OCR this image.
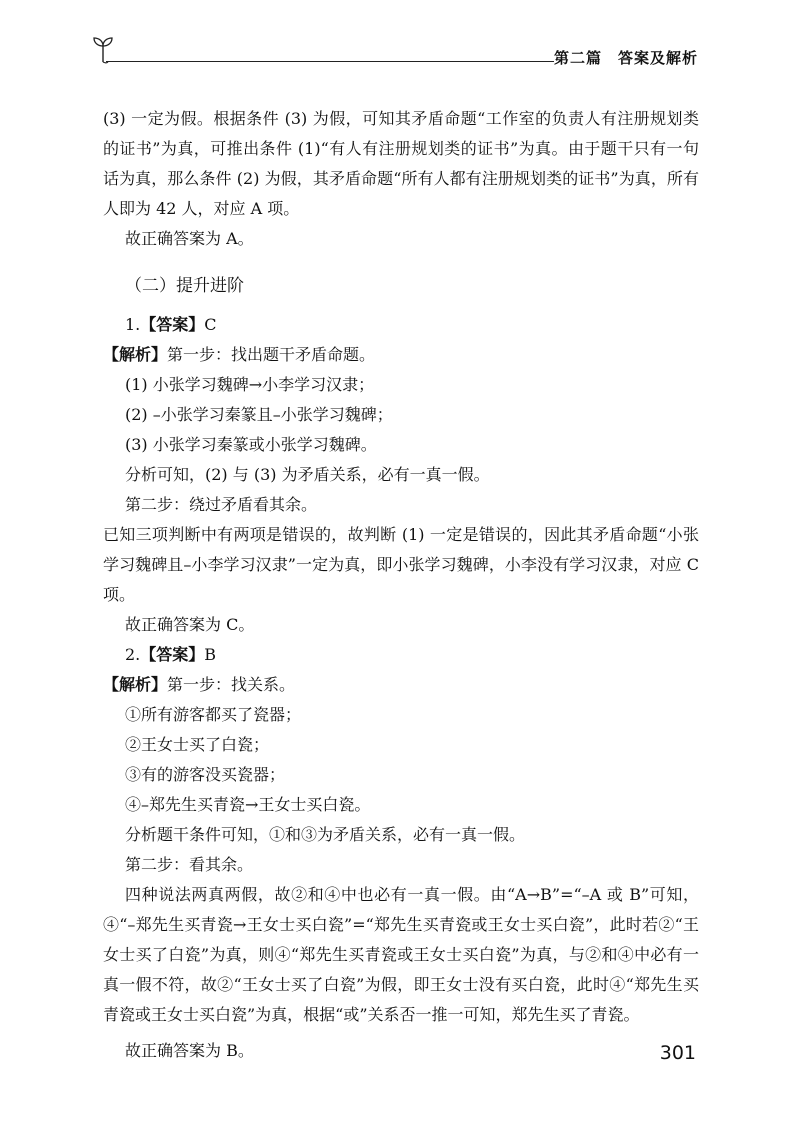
第二篇　答案及解析

(3) 一定为假。根据条件 (3) 为假，可知其矛盾命题“工作室的负责人有注册规划类的证书”为真，可推出条件 (1)“有人有注册规划类的证书”为真。由于题干只有一句话为真，那么条件 (2) 为假，其矛盾命题“所有人都有注册规划类的证书”为真，所有人即为 42 人，对应 A 项。

故正确答案为 A。

（二）提升进阶

1.【答案】C

【解析】第一步：找出题干矛盾命题。

(1) 小张学习魏碑→小李学习汉隶；

(2) –小张学习秦篆且–小张学习魏碑；

(3) 小张学习秦篆或小张学习魏碑。

分析可知，(2) 与 (3) 为矛盾关系，必有一真一假。

第二步：绕过矛盾看其余。

已知三项判断中有两项是错误的，故判断 (1) 一定是错误的，因此其矛盾命题“小张学习魏碑且–小李学习汉隶”一定为真，即小张学习魏碑，小李没有学习汉隶，对应 C 项。

故正确答案为 C。

2.【答案】B

【解析】第一步：找关系。

①所有游客都买了瓷器；

②王女士买了白瓷；

③有的游客没买瓷器；

④–郑先生买青瓷→王女士买白瓷。

分析题干条件可知，①和③为矛盾关系，必有一真一假。

第二步：看其余。

四种说法两真两假，故②和④中也必有一真一假。由“A→B”=“–A 或 B”可知，④“–郑先生买青瓷→王女士买白瓷”=“郑先生买青瓷或王女士买白瓷”，此时若②“王女士买了白瓷”为真，则④“郑先生买青瓷或王女士买白瓷”为真，与②和④中必有一真一假不符，故②“王女士买了白瓷”为假，即王女士没有买白瓷，此时④“郑先生买青瓷或王女士买白瓷”为真，根据“或”关系否一推一可知，郑先生买了青瓷。

故正确答案为 B。	301
